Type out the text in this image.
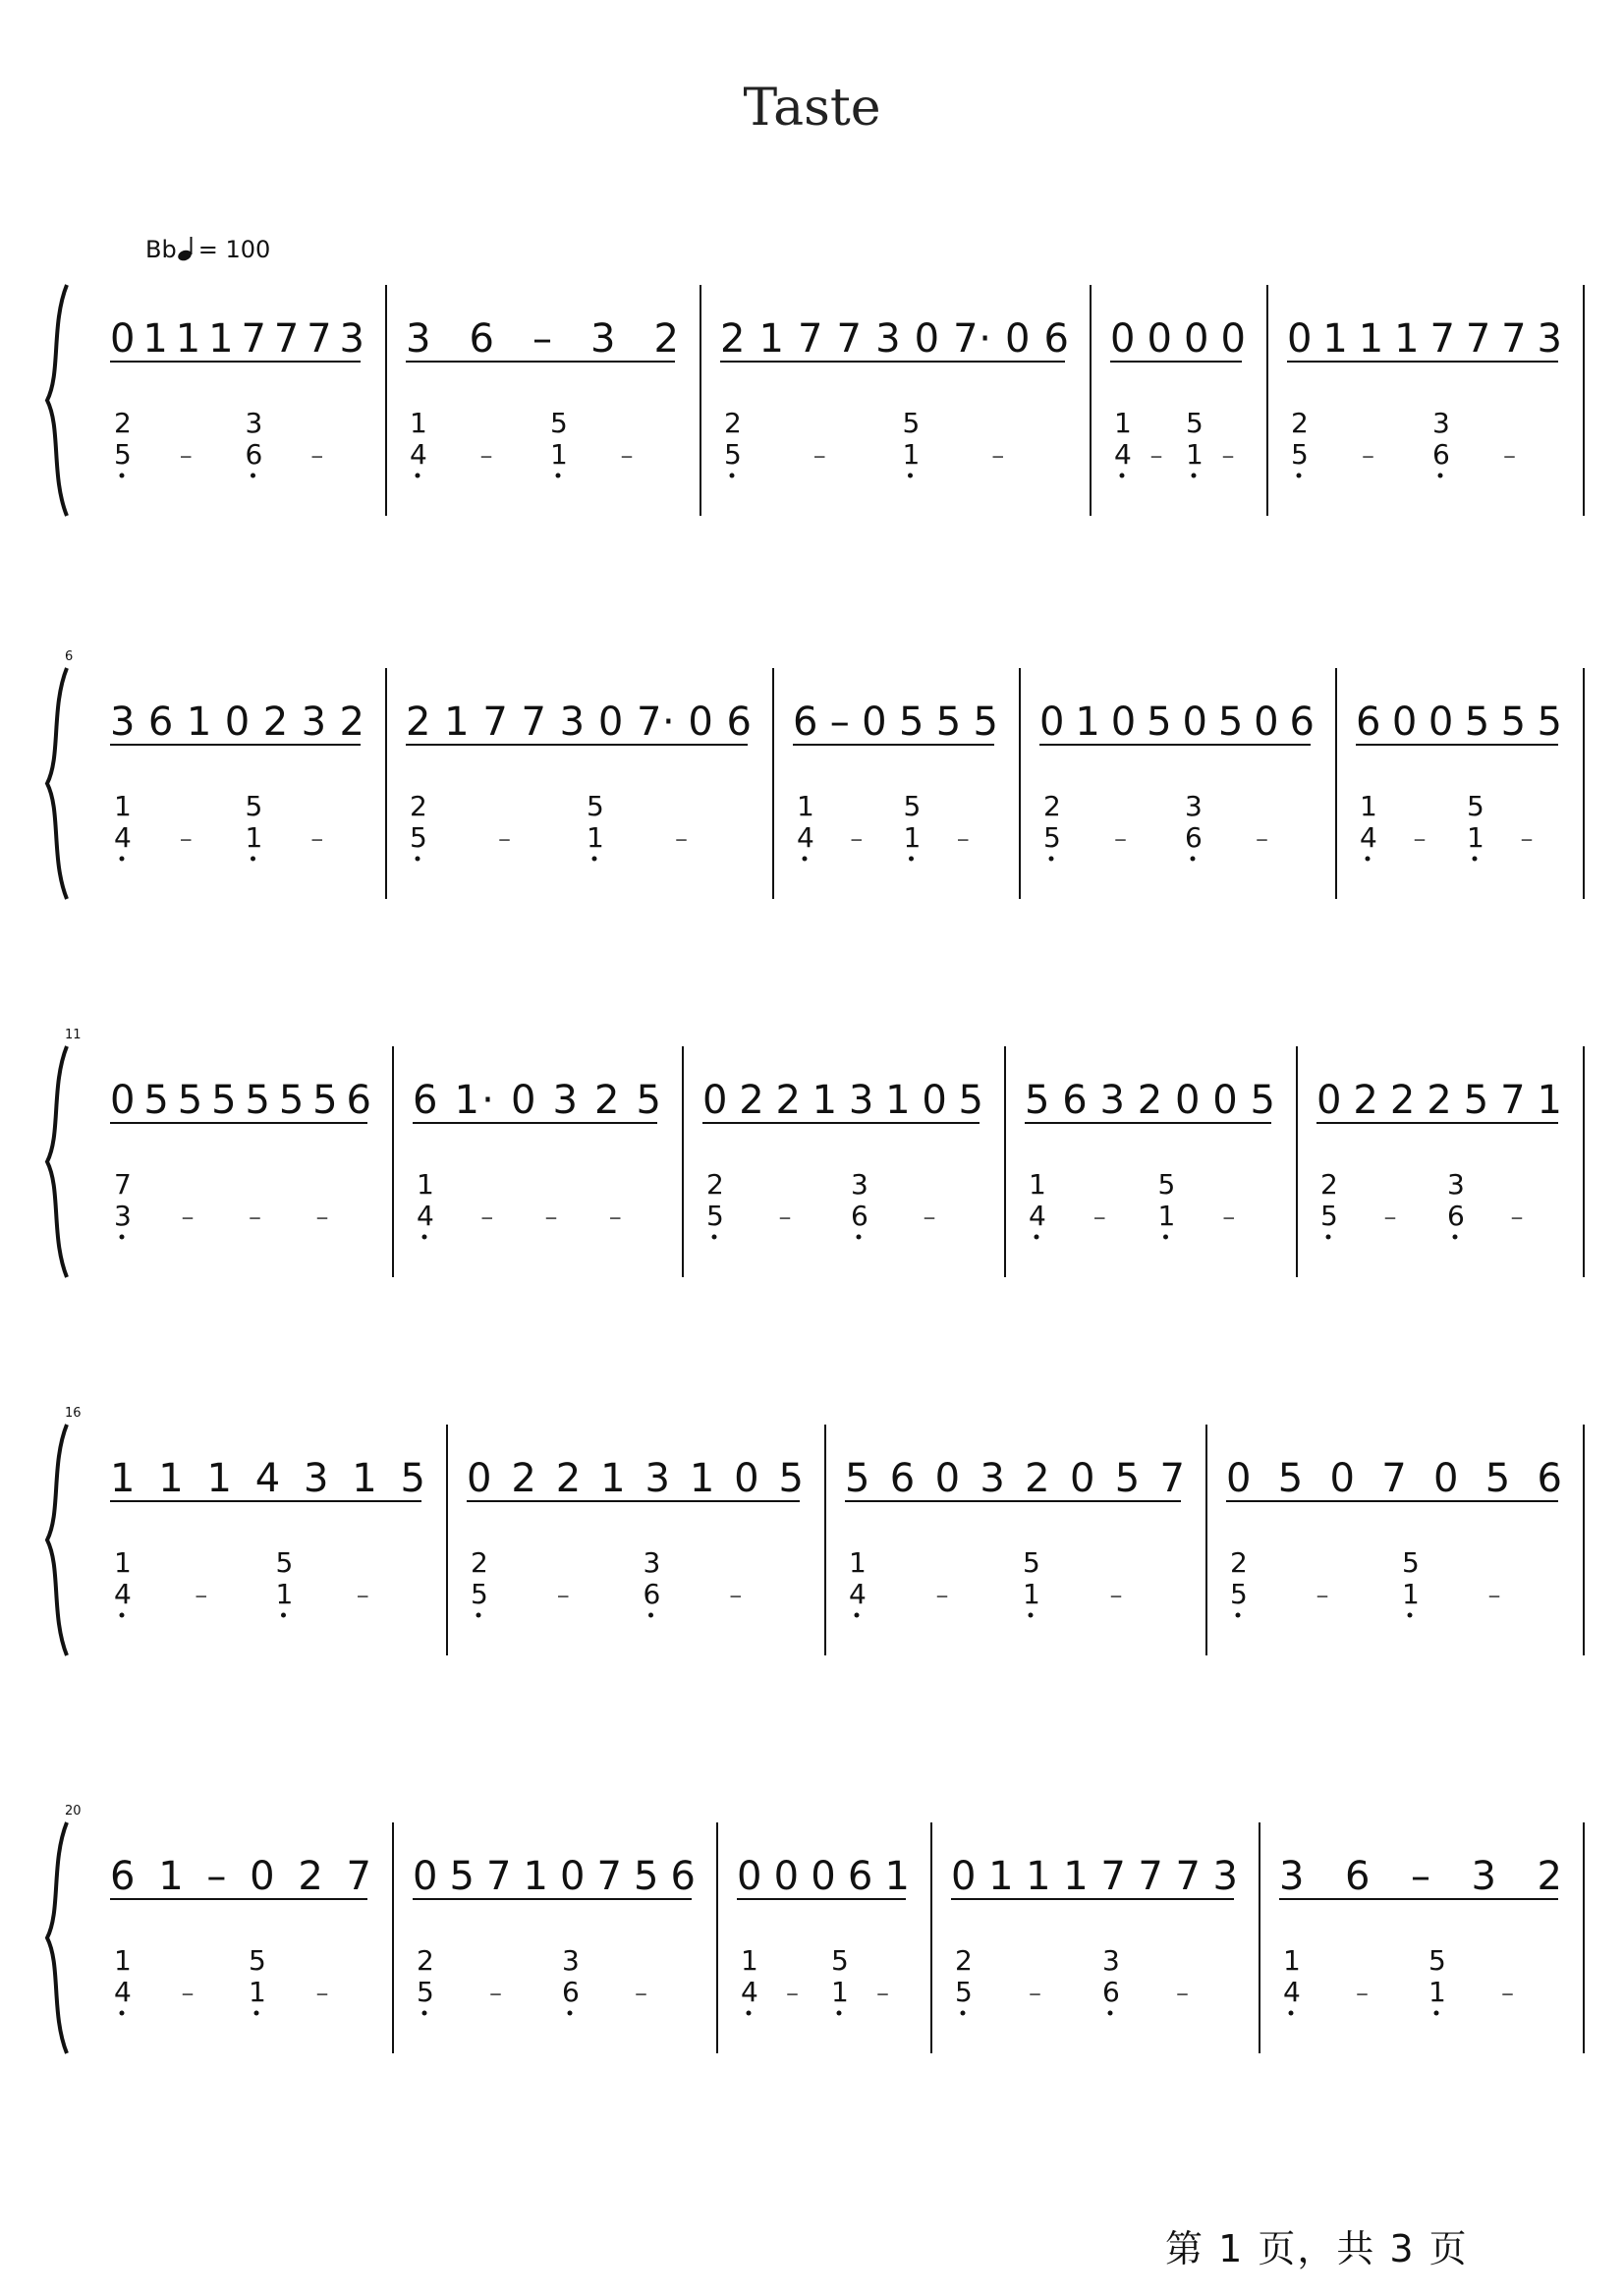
Taste
Bb = 100
0 1 1 1 7 7 7 3
2
5 –
3
6 –
3 6 – 3 2
1
4 –
5
1 –
2 1 7 7 3 0 7· 0 6
2
5	–
5
1	–
0 0 0 0
1
4 –
5
1 –
0 1 1 1 7 7 7 3
2
5 –
3
6 –
6
3 6 1 0 2 3 2
1
4 –
5
1 –
2 1 7 7 3 0 7· 0 6
2
5	–
5
1	–
6 – 0 5 5 5
1
4 –
5
1 –
0 1 0 5 0 5 0 6
2
5 –
3
6 –
6 0 0 5 5 5
1
4 –
5
1 –
11
0 5 5 5 5 5 5 6
7
3 – – –
6 1· 0 3 2 5
1
4 – – –
0 2 2 1 3 1 0 5
2
5 –
3
6 –
5 6 3 2 0 0 5
1
4 –
5
1 –
0 2 2 2 5 7 1
2
5 –
3
6 –
16
1 1 1 4 3 1 5
1
4 –
5
1 –
0 2 2 1 3 1 0 5
2
5	–
3
6	–
5 6 0 3 2 0 5 7
1
4	–
5
1	–
0 5 0 7 0 5 6
2
5	–
5
1	–
20
6 1 – 0 2 7
1
4 –
5
1 –
0 5 7 1 0 7 5 6
2
5 –
3
6 –
0 0 0 6 1
1
4 –
5
1 –
0 1 1 1 7 7 7 3
2
5 –
3
6 –
3 6 – 3 2
1
4 –
5
1 –
第 1 页，共 3 页
